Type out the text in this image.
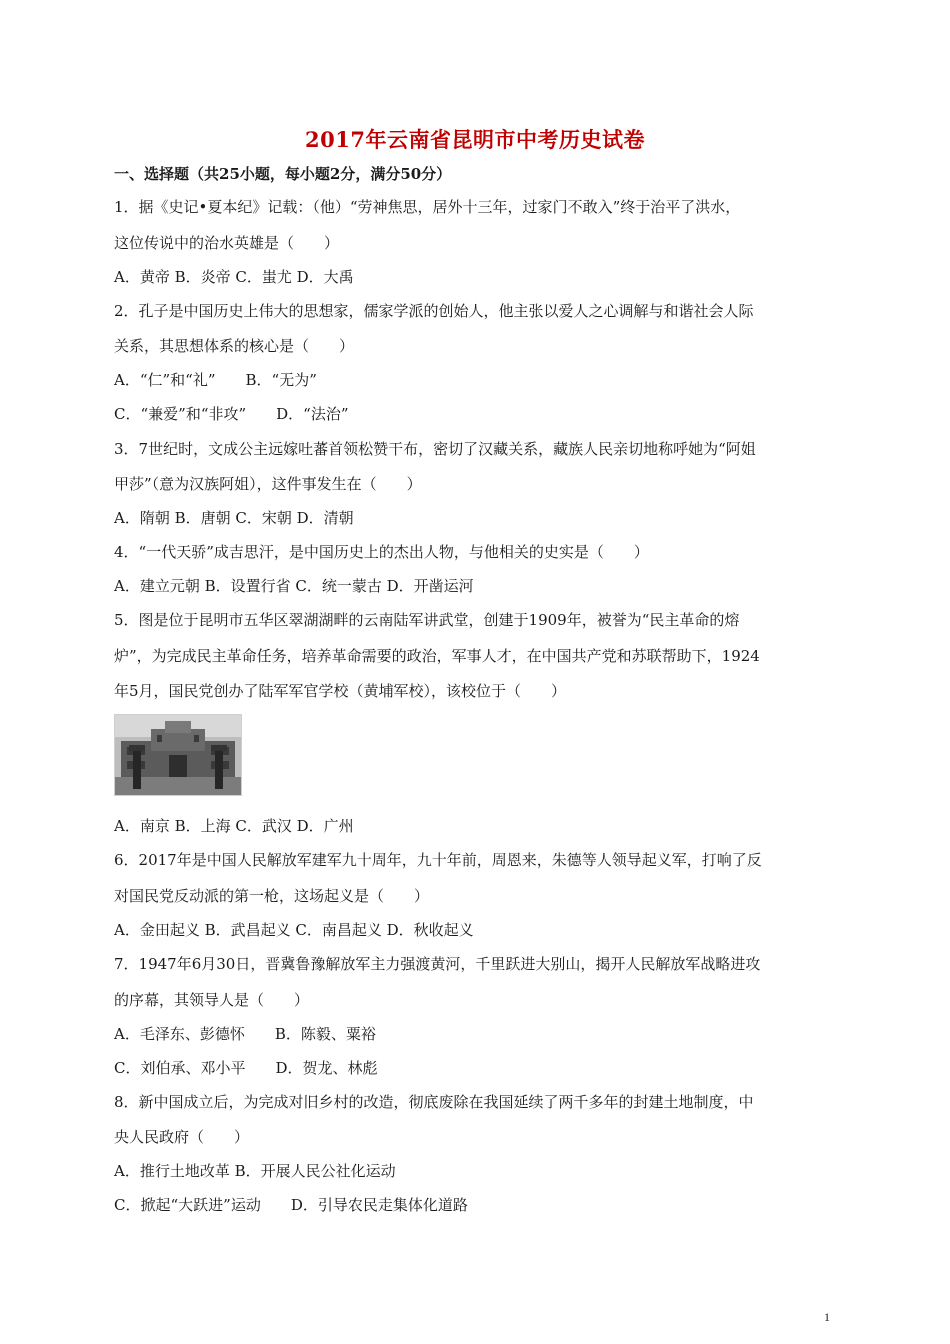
2017年云南省昆明市中考历史试卷
一、选择题（共25小题，每小题2分，满分50分）
1．据《史记•夏本纪》记载：（他）“劳神焦思，居外十三年，过家门不敢入”终于治平了洪水，
这位传说中的治水英雄是（　　）
A．黄帝 B．炎帝 C．蚩尤 D．大禹
2．孔子是中国历史上伟大的思想家，儒家学派的创始人，他主张以爱人之心调解与和谐社会人际
关系，其思想体系的核心是（　　）
A．“仁”和“礼”　　B．“无为”
C．“兼爱”和“非攻”　　D．“法治”
3．7世纪时，文成公主远嫁吐蕃首领松赞干布，密切了汉藏关系，藏族人民亲切地称呼她为“阿姐
甲莎”（意为汉族阿姐），这件事发生在（　　）
A．隋朝 B．唐朝 C．宋朝 D．清朝
4．“一代天骄”成吉思汗，是中国历史上的杰出人物，与他相关的史实是（　　）
A．建立元朝 B．设置行省 C．统一蒙古 D．开凿运河
5．图是位于昆明市五华区翠湖湖畔的云南陆军讲武堂，创建于1909年，被誉为“民主革命的熔
炉”，为完成民主革命任务，培养革命需要的政治，军事人才，在中国共产党和苏联帮助下，1924
年5月，国民党创办了陆军军官学校（黄埔军校），该校位于（　　）
A．南京 B．上海 C．武汉 D．广州
6．2017年是中国人民解放军建军九十周年，九十年前，周恩来，朱德等人领导起义军，打响了反
对国民党反动派的第一枪，这场起义是（　　）
A．金田起义 B．武昌起义 C．南昌起义 D．秋收起义
7．1947年6月30日，晋冀鲁豫解放军主力强渡黄河，千里跃进大别山，揭开人民解放军战略进攻
的序幕，其领导人是（　　）
A．毛泽东、彭德怀　　B．陈毅、粟裕
C．刘伯承、邓小平　　D．贺龙、林彪
8．新中国成立后，为完成对旧乡村的改造，彻底废除在我国延续了两千多年的封建土地制度，中
央人民政府（　　）
A．推行土地改革 B．开展人民公社化运动
C．掀起“大跃进”运动　　D．引导农民走集体化道路
1
